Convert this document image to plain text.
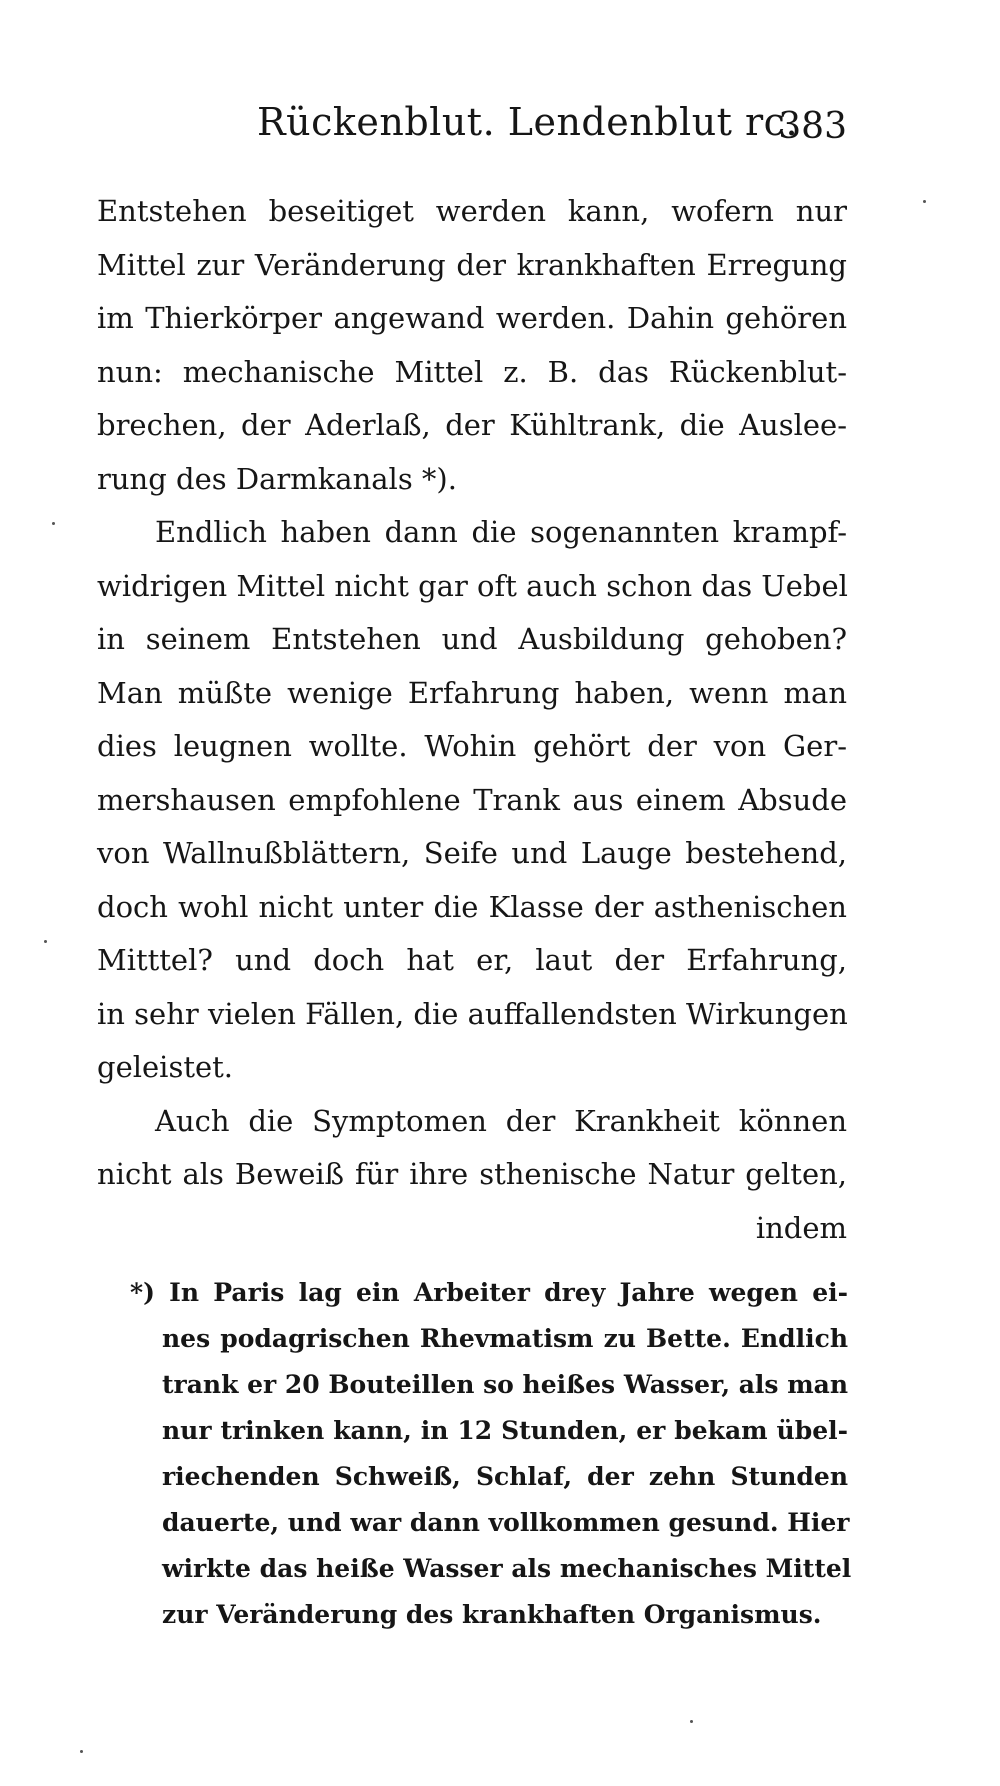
Rückenblut. Lendenblut rc.
383
Entstehen beseitiget werden kann, wofern nur
Mittel zur Veränderung der krankhaften Erregung
im Thierkörper angewand werden. Dahin gehören
nun: mechanische Mittel z. B. das Rückenblut-
brechen, der Aderlaß, der Kühltrank, die Auslee-
rung des Darmkanals *).
Endlich haben dann die sogenannten krampf-
widrigen Mittel nicht gar oft auch schon das Uebel
in seinem Entstehen und Ausbildung gehoben?
Man müßte wenige Erfahrung haben, wenn man
dies leugnen wollte. Wohin gehört der von Ger-
mershausen empfohlene Trank aus einem Absude
von Wallnußblättern, Seife und Lauge bestehend,
doch wohl nicht unter die Klasse der asthenischen
Mitttel? und doch hat er, laut der Erfahrung,
in sehr vielen Fällen, die auffallendsten Wirkungen
geleistet.
Auch die Symptomen der Krankheit können
nicht als Beweiß für ihre sthenische Natur gelten,
indem
*) In Paris lag ein Arbeiter drey Jahre wegen ei-
nes podagrischen Rhevmatism zu Bette. Endlich
trank er 20 Bouteillen so heißes Wasser, als man
nur trinken kann, in 12 Stunden, er bekam übel-
riechenden Schweiß, Schlaf, der zehn Stunden
dauerte, und war dann vollkommen gesund. Hier
wirkte das heiße Wasser als mechanisches Mittel
zur Veränderung des krankhaften Organismus.
